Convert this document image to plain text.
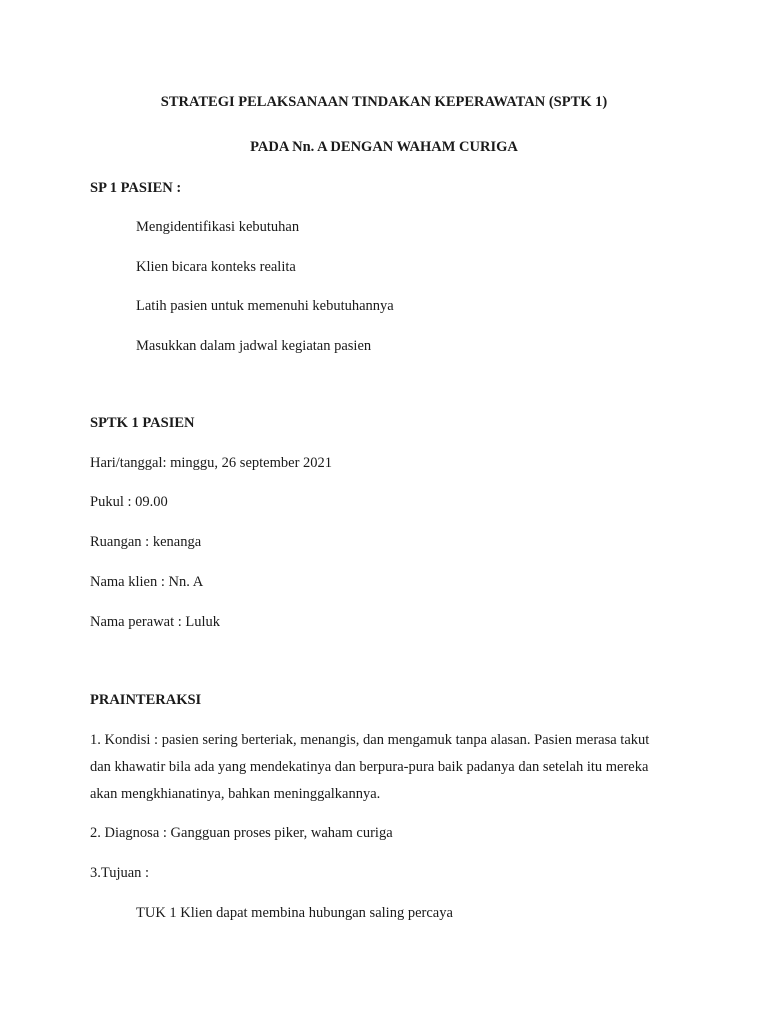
STRATEGI PELAKSANAAN TINDAKAN KEPERAWATAN (SPTK 1)
PADA Nn. A DENGAN WAHAM CURIGA
SP 1 PASIEN :
Mengidentifikasi kebutuhan
Klien bicara konteks realita
Latih pasien untuk memenuhi kebutuhannya
Masukkan dalam jadwal kegiatan pasien
SPTK 1 PASIEN
Hari/tanggal: minggu, 26 september 2021
Pukul : 09.00
Ruangan : kenanga
Nama klien : Nn. A
Nama perawat : Luluk
PRAINTERAKSI
1. Kondisi : pasien sering berteriak, menangis, dan mengamuk tanpa alasan. Pasien merasa takut
dan khawatir bila ada yang mendekatinya dan berpura-pura baik padanya dan setelah itu mereka
akan mengkhianatinya, bahkan meninggalkannya.
2. Diagnosa : Gangguan proses piker, waham curiga
3.Tujuan :
TUK 1 Klien dapat membina hubungan saling percaya
